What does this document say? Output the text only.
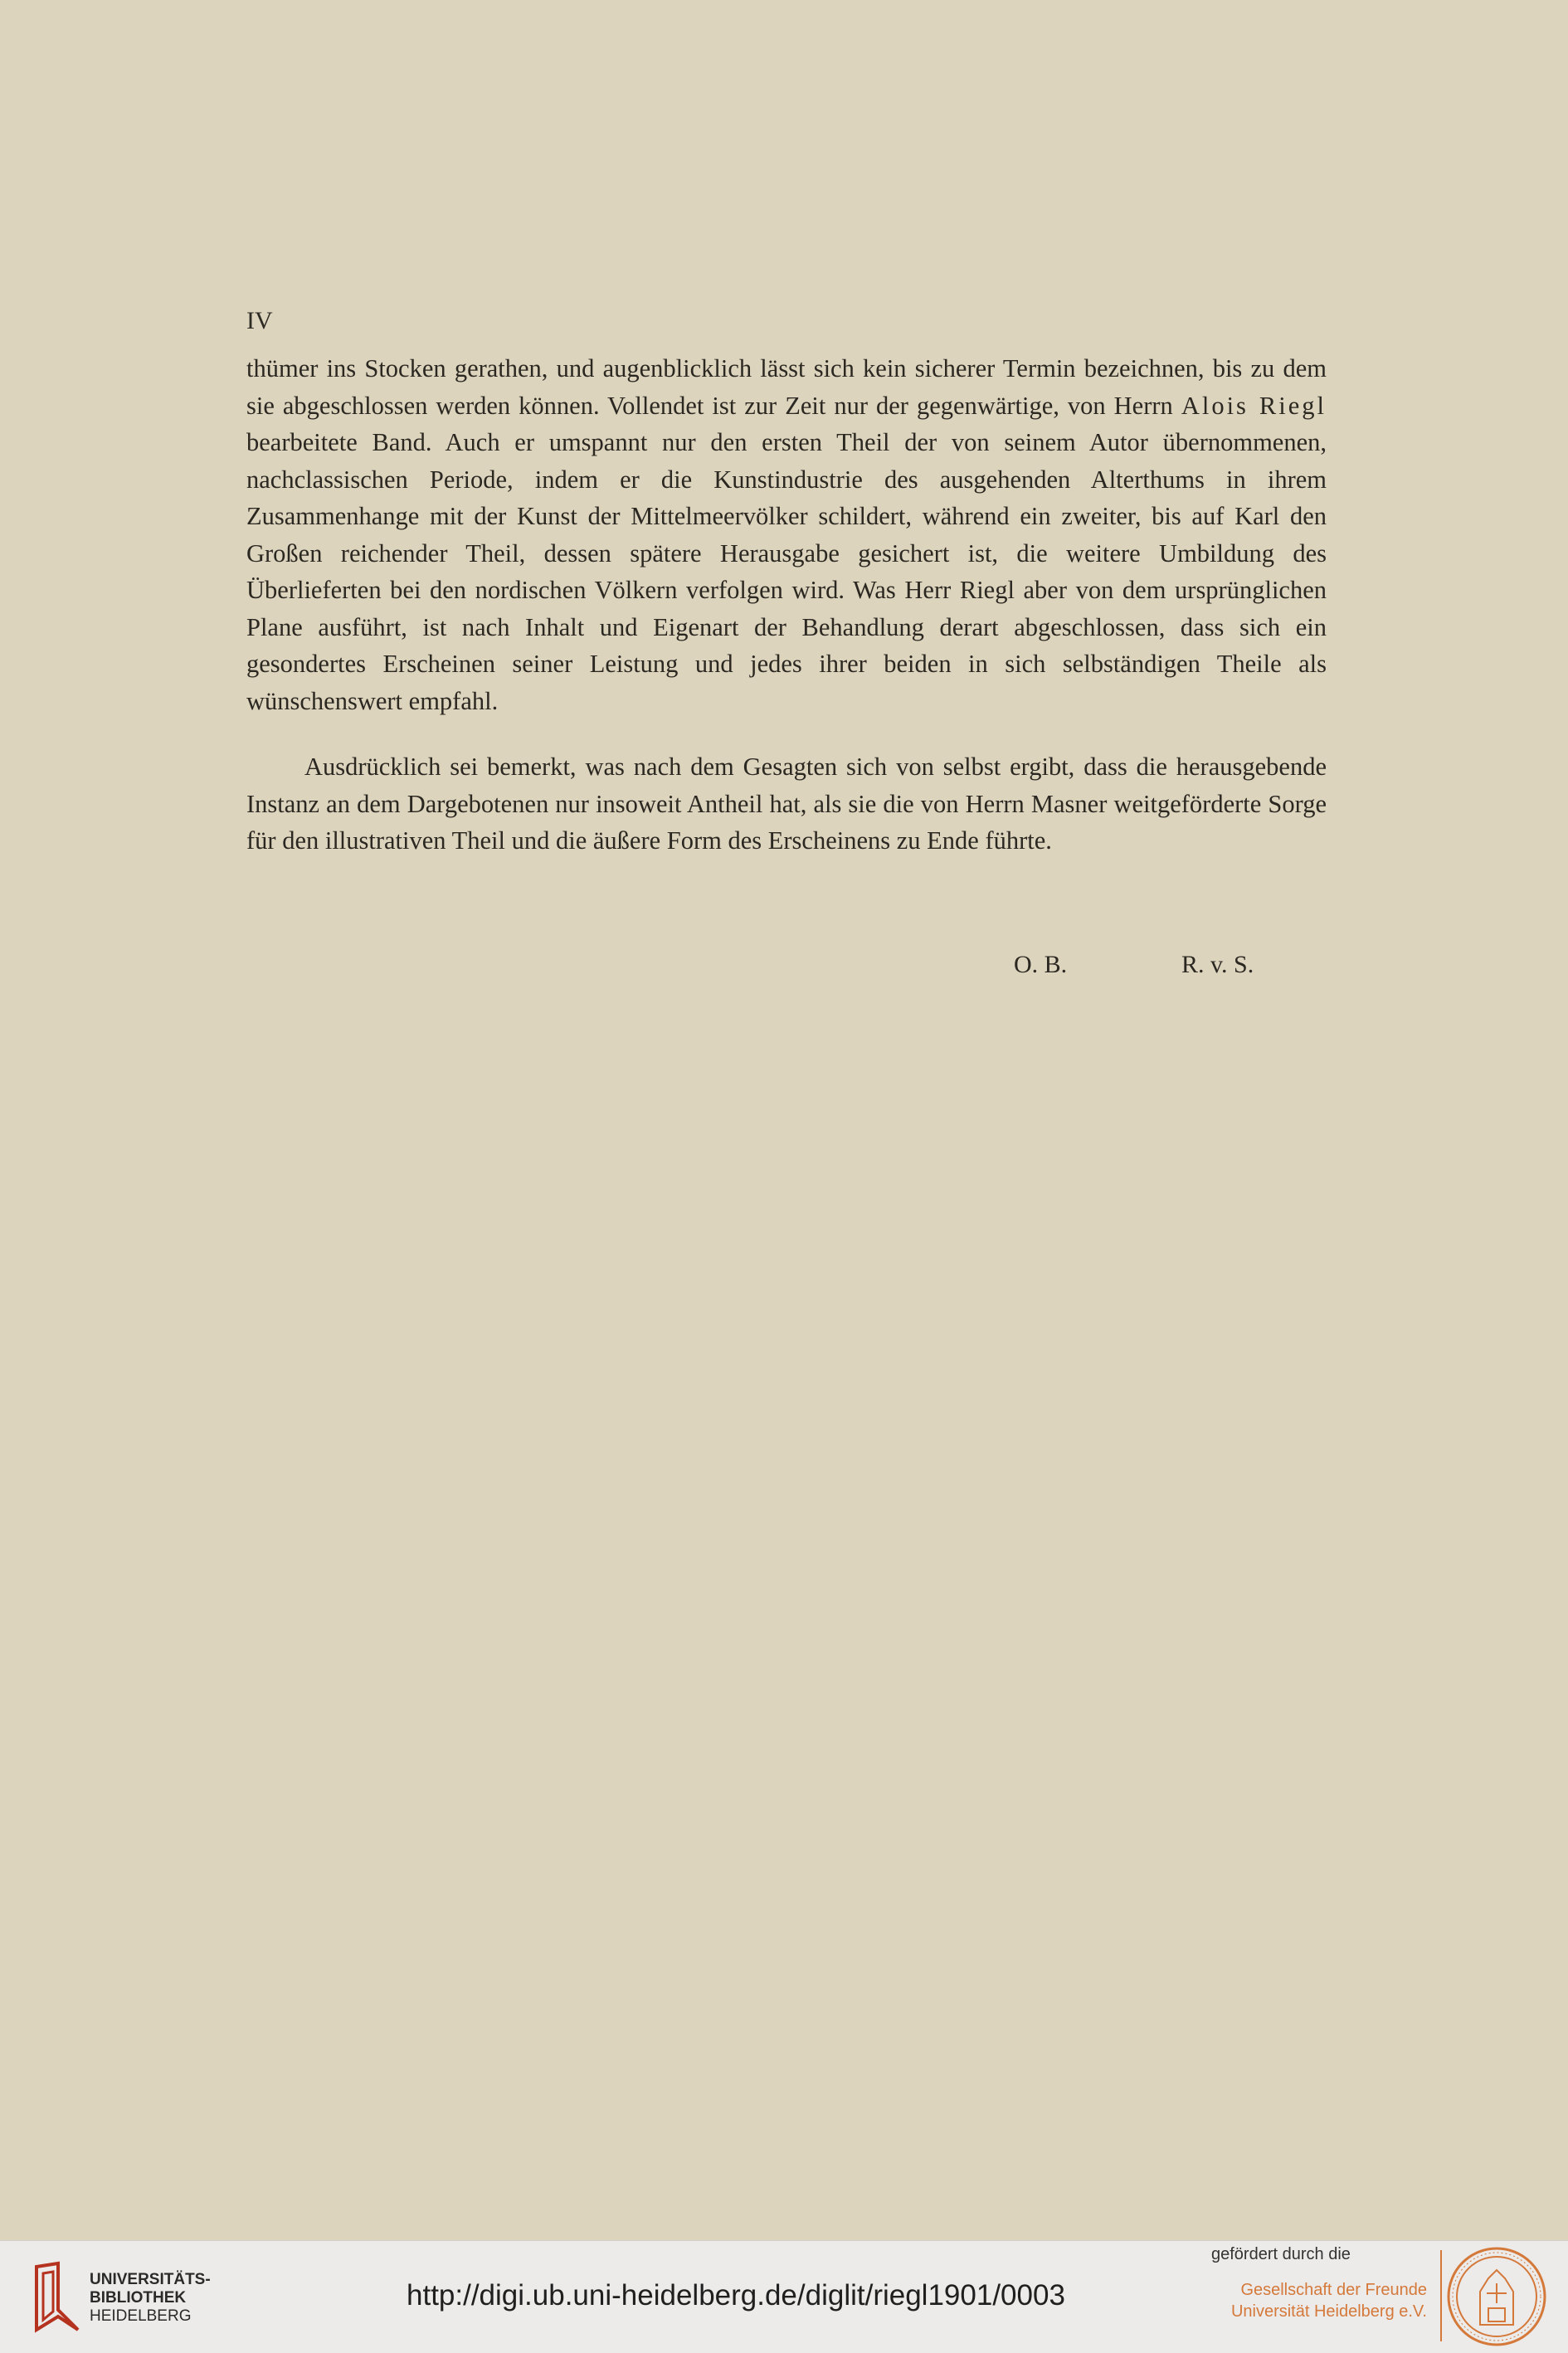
IV

thümer ins Stocken gerathen, und augenblicklich lässt sich kein sicherer Termin bezeichnen, bis zu dem sie abgeschlossen werden können. Vollendet ist zur Zeit nur der gegenwärtige, von Herrn Alois Riegl bearbeitete Band. Auch er umspannt nur den ersten Theil der von seinem Autor übernommenen, nachclassischen Periode, indem er die Kunstindustrie des ausgehenden Alterthums in ihrem Zusammenhange mit der Kunst der Mittelmeervölker schildert, während ein zweiter, bis auf Karl den Großen reichender Theil, dessen spätere Herausgabe gesichert ist, die weitere Umbildung des Überlieferten bei den nordischen Völkern verfolgen wird. Was Herr Riegl aber von dem ursprünglichen Plane ausführt, ist nach Inhalt und Eigenart der Behandlung derart abgeschlossen, dass sich ein gesondertes Erscheinen seiner Leistung und jedes ihrer beiden in sich selbständigen Theile als wünschenswert empfahl.

Ausdrücklich sei bemerkt, was nach dem Gesagten sich von selbst ergibt, dass die herausgebende Instanz an dem Dargebotenen nur insoweit Antheil hat, als sie die von Herrn Masner weitgeförderte Sorge für den illustrativen Theil und die äußere Form des Erscheinens zu Ende führte.

O. B.	R. v. S.
UNIVERSITÄTS-
BIBLIOTHEK
HEIDELBERG
http://digi.ub.uni-heidelberg.de/diglit/riegl1901/0003
gefördert durch die
Gesellschaft der Freunde
Universität Heidelberg e.V.
